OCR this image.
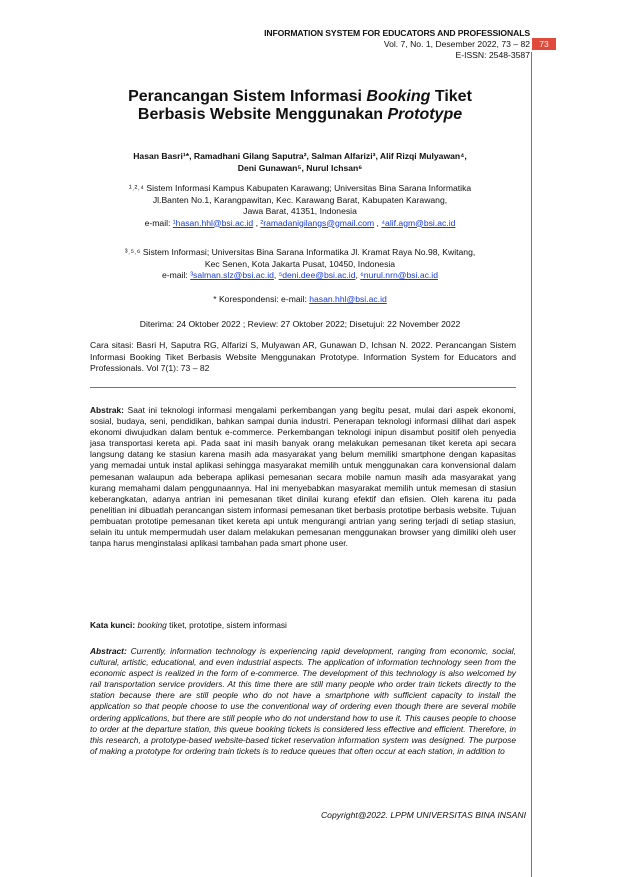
INFORMATION SYSTEM FOR EDUCATORS AND PROFESSIONALS
Vol. 7, No. 1, Desember 2022, 73 – 82
E-ISSN: 2548-3587
73
Perancangan Sistem Informasi Booking Tiket
Berbasis Website Menggunakan Prototype
Hasan Basri¹*, Ramadhani Gilang Saputra², Salman Alfarizi³, Alif Rizqi Mulyawan⁴,
Deni Gunawan⁵, Nurul Ichsan⁶
¹˒²˒⁴ Sistem Informasi Kampus Kabupaten Karawang; Universitas Bina Sarana Informatika
Jl.Banten No.1, Karangpawitan, Kec. Karawang Barat, Kabupaten Karawang,
Jawa Barat, 41351, Indonesia
e-mail: ¹hasan.hhl@bsi.ac.id , ²ramadanigilangs@gmail.com , ⁴alif.agm@bsi.ac.id
³˒⁵˒⁶ Sistem Informasi; Universitas Bina Sarana Informatika Jl. Kramat Raya No.98, Kwitang,
Kec Senen, Kota Jakarta Pusat, 10450, Indonesia
e-mail: ³salman.slz@bsi.ac.id, ⁵deni.dee@bsi.ac.id, ⁶nurul.nrn@bsi.ac.id
* Korespondensi: e-mail: hasan.hhl@bsi.ac.id
Diterima: 24 Oktober 2022 ; Review: 27 Oktober 2022; Disetujui: 22 November 2022
Cara sitasi: Basri H, Saputra RG, Alfarizi S, Mulyawan AR, Gunawan D, Ichsan N. 2022. Perancangan Sistem Informasi Booking Tiket Berbasis Website Menggunakan Prototype. Information System for Educators and Professionals. Vol 7(1): 73 – 82
Abstrak: Saat ini teknologi informasi mengalami perkembangan yang begitu pesat, mulai dari aspek ekonomi, sosial, budaya, seni, pendidikan, bahkan sampai dunia industri. Penerapan teknologi informasi dilihat dari aspek ekonomi diwujudkan dalam bentuk e-commerce. Perkembangan teknologi inipun disambut positif oleh penyedia jasa transportasi kereta api. Pada saat ini masih banyak orang melakukan pemesanan tiket kereta api secara langsung datang ke stasiun karena masih ada masyarakat yang belum memiliki smartphone dengan kapasitas yang memadai untuk instal aplikasi sehingga masyarakat memilih untuk menggunakan cara konvensional dalam pemesanan walaupun ada beberapa aplikasi pemesanan secara mobile namun masih ada masyarakat yang kurang memahami dalam penggunaannya. Hal ini menyebabkan masyarakat memilih untuk memesan di stasiun keberangkatan, adanya antrian ini pemesanan tiket dinilai kurang efektif dan efisien. Oleh karena itu pada penelitian ini dibuatlah perancangan sistem informasi pemesanan tiket berbasis prototipe berbasis website. Tujuan pembuatan prototipe pemesanan tiket kereta api untuk mengurangi antrian yang sering terjadi di setiap stasiun, selain itu untuk mempermudah user dalam melakukan pemesanan menggunakan browser yang dimiliki oleh user tanpa harus menginstalasi aplikasi tambahan pada smart phone user.
Kata kunci: booking tiket, prototipe, sistem informasi
Abstract: Currently, information technology is experiencing rapid development, ranging from economic, social, cultural, artistic, educational, and even industrial aspects. The application of information technology seen from the economic aspect is realized in the form of e-commerce. The development of this technology is also welcomed by rail transportation service providers. At this time there are still many people who order train tickets directly to the station because there are still people who do not have a smartphone with sufficient capacity to install the application so that people choose to use the conventional way of ordering even though there are several mobile ordering applications, but there are still people who do not understand how to use it. This causes people to choose to order at the departure station, this queue booking tickets is considered less effective and efficient. Therefore, in this research, a prototype-based website-based ticket reservation information system was designed. The purpose of making a prototype for ordering train tickets is to reduce queues that often occur at each station, in addition to
Copyright@2022. LPPM UNIVERSITAS BINA INSANI
